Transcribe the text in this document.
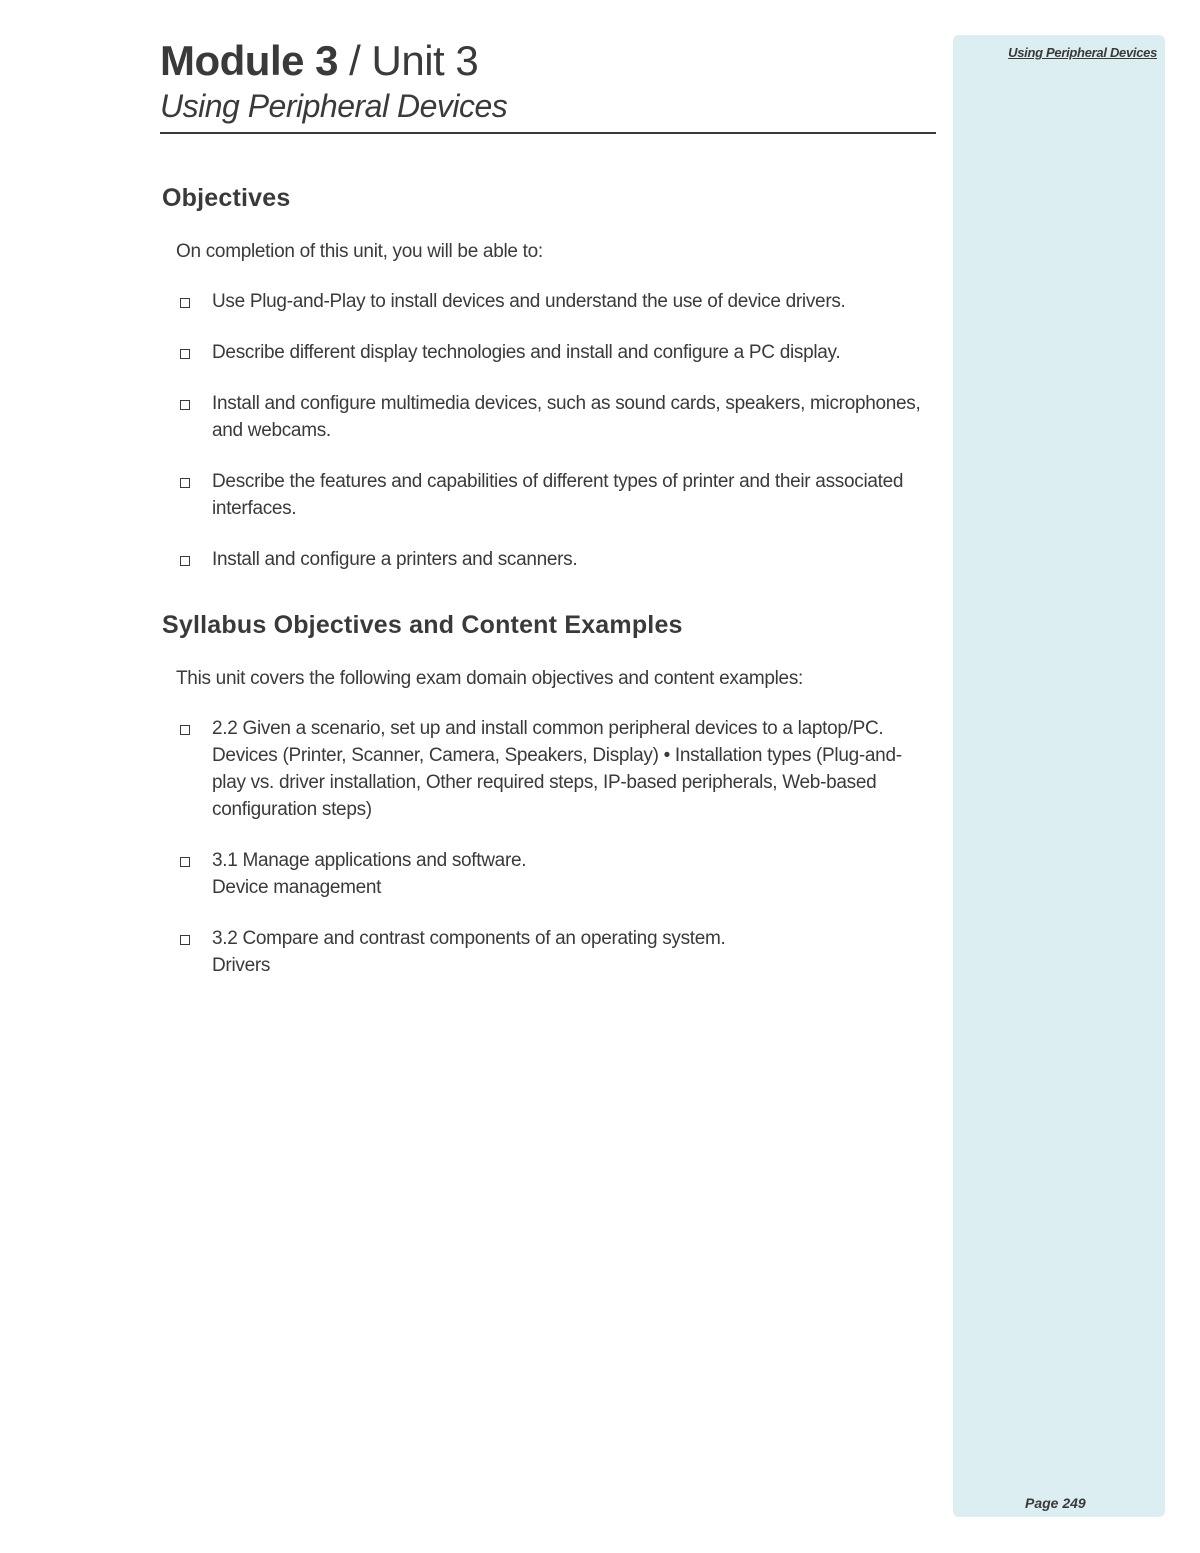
Using Peripheral Devices
Page 249
Module 3 / Unit 3
Using Peripheral Devices
Objectives

On completion of this unit, you will be able to:

Use Plug-and-Play to install devices and understand the use of device drivers.
Describe different display technologies and install and configure a PC display.
Install and configure multimedia devices, such as sound cards, speakers, microphones, and webcams.
Describe the features and capabilities of different types of printer and their associated interfaces.
Install and configure a printers and scanners.
Syllabus Objectives and Content Examples

This unit covers the following exam domain objectives and content examples:

2.2 Given a scenario, set up and install common peripheral devices to a laptop/PC.
Devices (Printer, Scanner, Camera, Speakers, Display) • Installation types (Plug-and-play vs. driver installation, Other required steps, IP-based peripherals, Web-based configuration steps)
3.1 Manage applications and software.
Device management
3.2 Compare and contrast components of an operating system.
Drivers
